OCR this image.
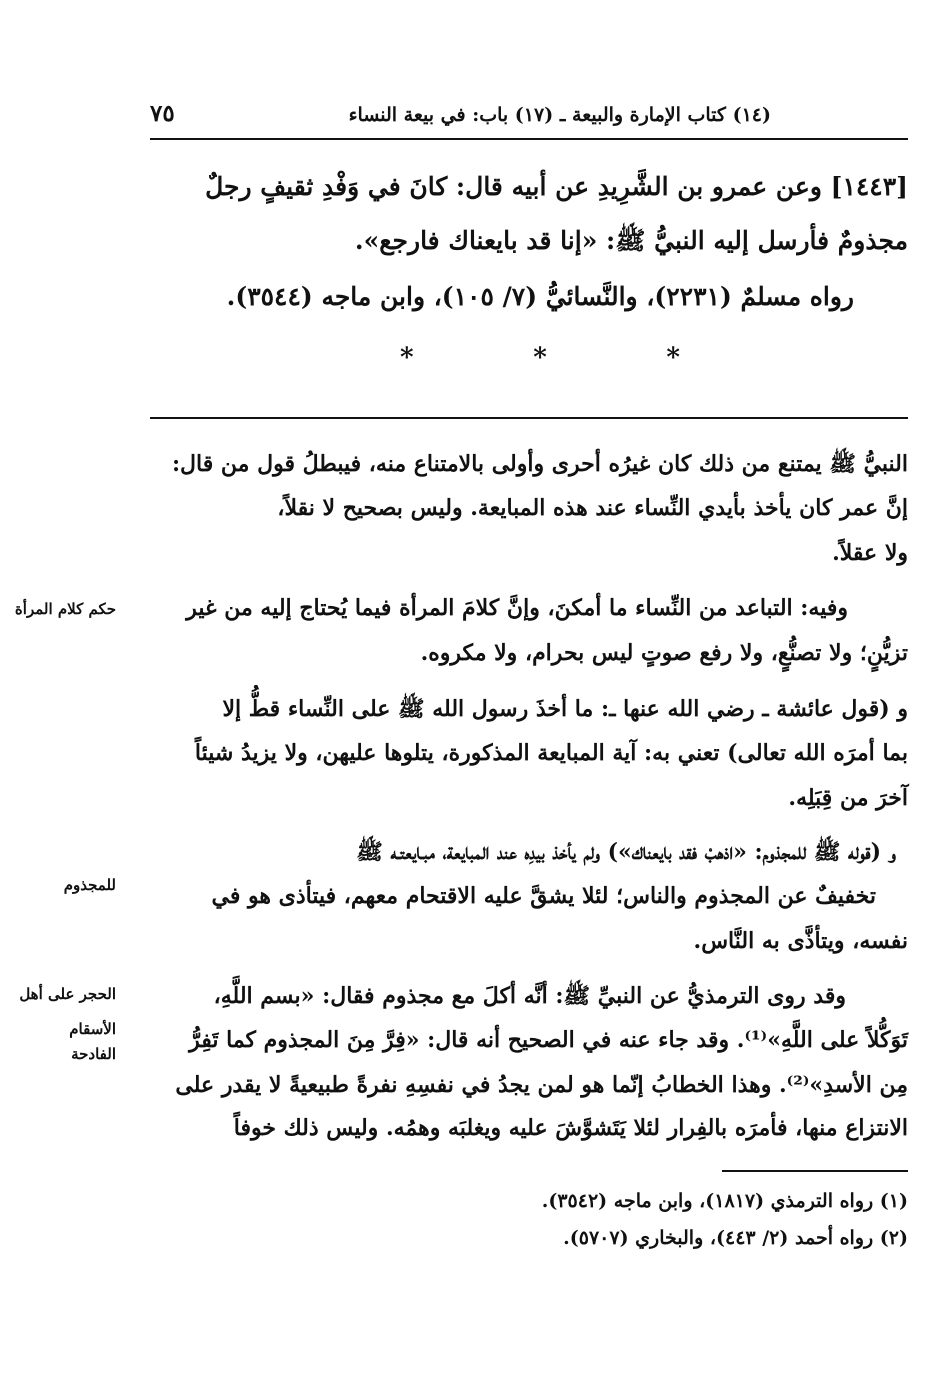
٧٥	(١٤) كتاب الإمارة والبيعة ـ (١٧) باب: في بيعة النساء
[١٤٤٣] وعن عمرو بن الشَّرِيدِ عن أبيه قال: كانَ في وَفْدِ ثقيفٍ رجلٌ
مجذومٌ فأرسل إليه النبيُّ ﷺ: «إنا قد بايعناك فارجع».
رواه مسلمٌ (٢٢٣١)، والنَّسائيُّ (٧/ ١٠٥)، وابن ماجه (٣٥٤٤).
*	*	*
النبيُّ ﷺ يمتنع من ذلك كان غيرُه أحرى وأولى بالامتناع منه، فيبطلُ قول من قال:
إنَّ عمر كان يأخذ بأيدي النِّساء عند هذه المبايعة. وليس بصحيح لا نقلاً،
ولا عقلاً.
وفيه: التباعد من النِّساء ما أمكنَ، وإنَّ كلامَ المرأة فيما يُحتاج إليه من غير
تزيُّنٍ؛ ولا تصنُّعٍ، ولا رفع صوتٍ ليس بحرام، ولا مكروه.
و (قول عائشة ـ رضي الله عنها ـ: ما أخذَ رسول الله ﷺ على النِّساء قطُّ إلا
بما أمرَه الله تعالى) تعني به: آية المبايعة المذكورة، يتلوها عليهن، ولا يزيدُ شيئاً
آخرَ من قِبَلِه.
و (قوله ﷺ للمجذوم: «اذهبْ فقد بايعناك») ولم يأخذ بيدِه عند المبايعة، مبـايعتـه ﷺ
تخفيفٌ عن المجذوم والناس؛ لئلا يشقَّ عليه الاقتحام معهم، فيتأذى هو في
نفسه، ويتأذَّى به النَّاس.
وقد روى الترمذيُّ عن النبيِّ ﷺ: أنَّه أكلَ مع مجذوم فقال: «بسم اللَّهِ،
تَوَكُّلاً على اللَّهِ»⁽¹⁾. وقد جاء عنه في الصحيح أنه قال: «فِرَّ مِنَ المجذوم كما تَفِرُّ
مِن الأسدِ»⁽²⁾. وهذا الخطابُ إنّما هو لمن يجدُ في نفسِهِ نفرةً طبيعيةً لا يقدر على
الانتزاع منها، فأمرَه بالفِرار لئلا يَتَشوَّشَ عليه ويغلبَه وهمُه. وليس ذلك خوفاً
حكم كلام المرأة
للمجذوم
الحجر على أهل
الأسقام
الفادحة
(١) رواه الترمذي (١٨١٧)، وابن ماجه (٣٥٤٢).
(٢) رواه أحمد (٢/ ٤٤٣)، والبخاري (٥٧٠٧).
